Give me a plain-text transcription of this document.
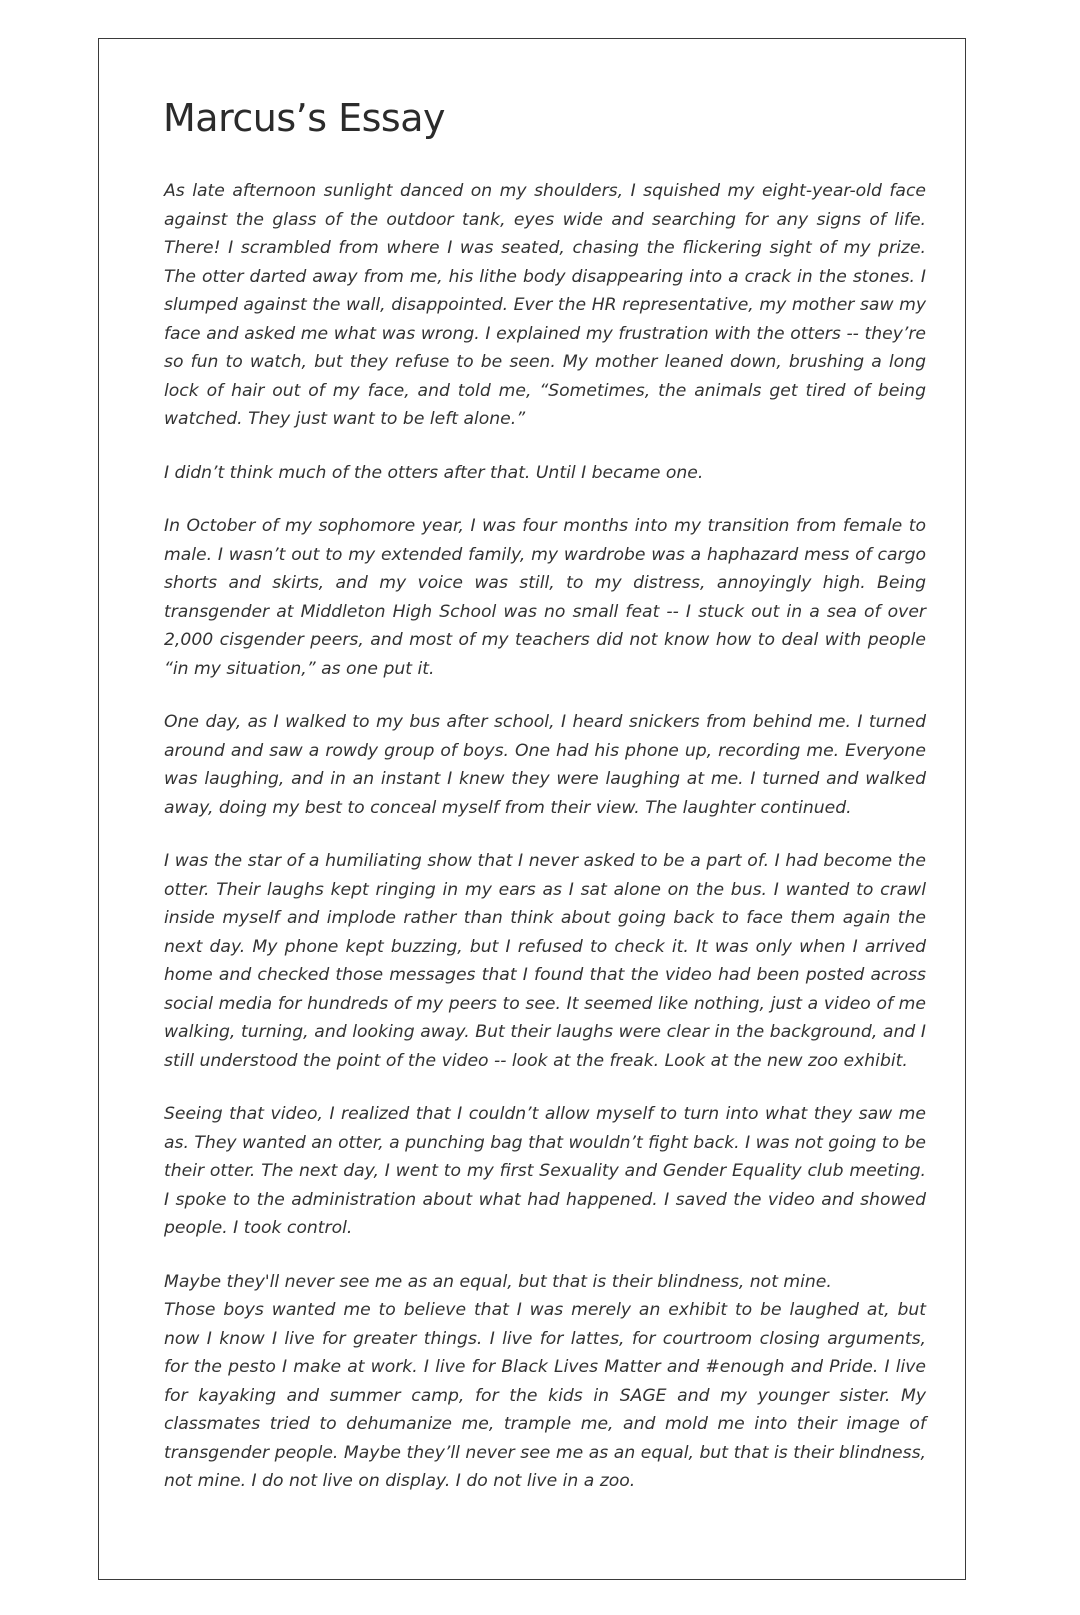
Marcus’s Essay

As late afternoon sunlight danced on my shoulders, I squished my eight-year-old face against the glass of the outdoor tank, eyes wide and searching for any signs of life. There! I scrambled from where I was seated, chasing the flickering sight of my prize. The otter darted away from me, his lithe body disappearing into a crack in the stones. I slumped against the wall, disappointed. Ever the HR representative, my mother saw my face and asked me what was wrong. I explained my frustration with the otters -- they’re so fun to watch, but they refuse to be seen. My mother leaned down, brushing a long lock of hair out of my face, and told me, “Sometimes, the animals get tired of being watched. They just want to be left alone.”

I didn’t think much of the otters after that. Until I became one.

In October of my sophomore year, I was four months into my transition from female to male. I wasn’t out to my extended family, my wardrobe was a haphazard mess of cargo shorts and skirts, and my voice was still, to my distress, annoyingly high. Being transgender at Middleton High School was no small feat -- I stuck out in a sea of over 2,000 cisgender peers, and most of my teachers did not know how to deal with people “in my situation,” as one put it.

One day, as I walked to my bus after school, I heard snickers from behind me. I turned around and saw a rowdy group of boys. One had his phone up, recording me. Everyone was laughing, and in an instant I knew they were laughing at me. I turned and walked away, doing my best to conceal myself from their view. The laughter continued.

I was the star of a humiliating show that I never asked to be a part of. I had become the otter. Their laughs kept ringing in my ears as I sat alone on the bus. I wanted to crawl inside myself and implode rather than think about going back to face them again the next day. My phone kept buzzing, but I refused to check it. It was only when I arrived home and checked those messages that I found that the video had been posted across social media for hundreds of my peers to see. It seemed like nothing, just a video of me walking, turning, and looking away. But their laughs were clear in the background, and I still understood the point of the video -- look at the freak. Look at the new zoo exhibit.

Seeing that video, I realized that I couldn’t allow myself to turn into what they saw me as. They wanted an otter, a punching bag that wouldn’t fight back. I was not going to be their otter. The next day, I went to my first Sexuality and Gender Equality club meeting. I spoke to the administration about what had happened. I saved the video and showed people. I took control.

Maybe they'll never see me as an equal, but that is their blindness, not mine.

Those boys wanted me to believe that I was merely an exhibit to be laughed at, but now I know I live for greater things. I live for lattes, for courtroom closing arguments, for the pesto I make at work. I live for Black Lives Matter and #enough and Pride. I live for kayaking and summer camp, for the kids in SAGE and my younger sister. My classmates tried to dehumanize me, trample me, and mold me into their image of transgender people. Maybe they’ll never see me as an equal, but that is their blindness, not mine. I do not live on display. I do not live in a zoo.
